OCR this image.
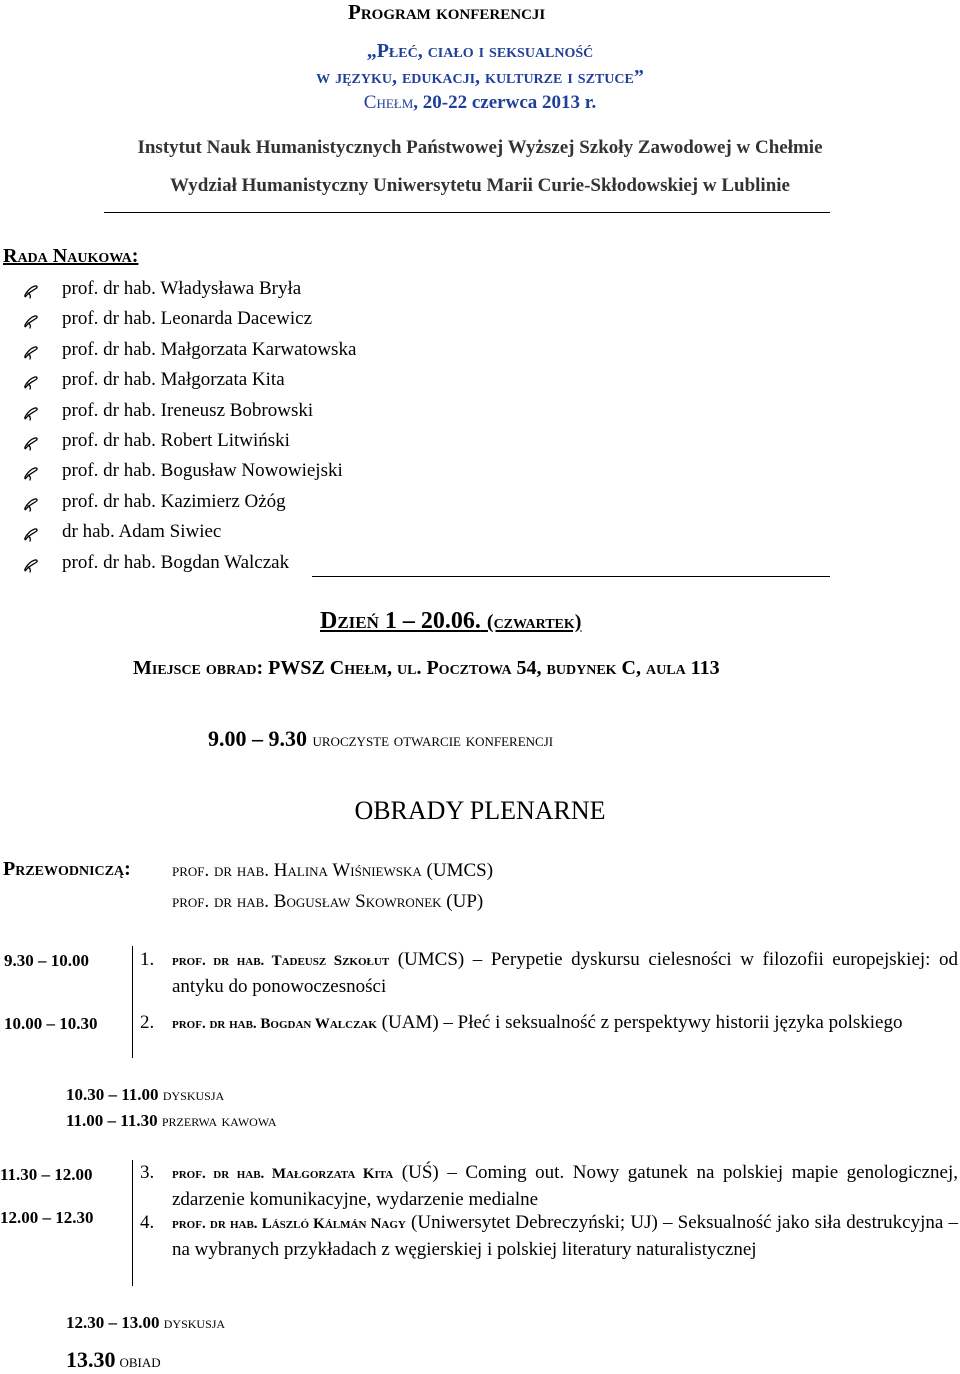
Program konferencji
„Płeć, ciało i seksualność
w języku, edukacji, kulturze i sztuce”
Chełm, 20-22 czerwca 2013 r.
Instytut Nauk Humanistycznych Państwowej Wyższej Szkoły Zawodowej w Chełmie
Wydział Humanistyczny Uniwersytetu Marii Curie-Skłodowskiej w Lublinie
Rada Naukowa:
prof. dr hab. Władysława Bryła
prof. dr hab. Leonarda Dacewicz
prof. dr hab. Małgorzata Karwatowska
prof. dr hab. Małgorzata Kita
prof. dr hab. Ireneusz Bobrowski
prof. dr hab. Robert Litwiński
prof. dr hab. Bogusław Nowowiejski
prof. dr hab. Kazimierz Ożóg
dr hab. Adam Siwiec
prof. dr hab. Bogdan Walczak
Dzień 1 – 20.06. (czwartek)
Miejsce obrad: PWSZ Chełm, ul. Pocztowa 54, budynek C, aula 113
9.00 – 9.30 uroczyste otwarcie konferencji
OBRADY PLENARNE
Przewodniczą: prof. dr hab. Halina Wiśniewska (UMCS)
prof. dr hab. Bogusław Skowronek (UP)
9.30 – 10.00	1. prof. dr hab. Tadeusz Szkołut (UMCS) – Perypetie dyskursu cielesności w filozofii europejskiej: od antyku do ponowoczesności
10.00 – 10.30 2. prof. dr hab. Bogdan Walczak (UAM) – Płeć i seksualność z perspektywy historii języka polskiego
10.30 – 11.00 dyskusja
11.00 – 11.30 przerwa kawowa
11.30 – 12.00 3. prof. dr hab. Małgorzata Kita (UŚ) – Coming out. Nowy gatunek na polskiej mapie genologicznej, zdarzenie komunikacyjne, wydarzenie medialne
12.00 – 12.30 4. prof. dr hab. László Kálmán Nagy (Uniwersytet Debreczyński; UJ) – Seksualność jako siła destrukcyjna – na wybranych przykładach z węgierskiej i polskiej literatury naturalistycznej
12.30 – 13.00 dyskusja
13.30 obiad
